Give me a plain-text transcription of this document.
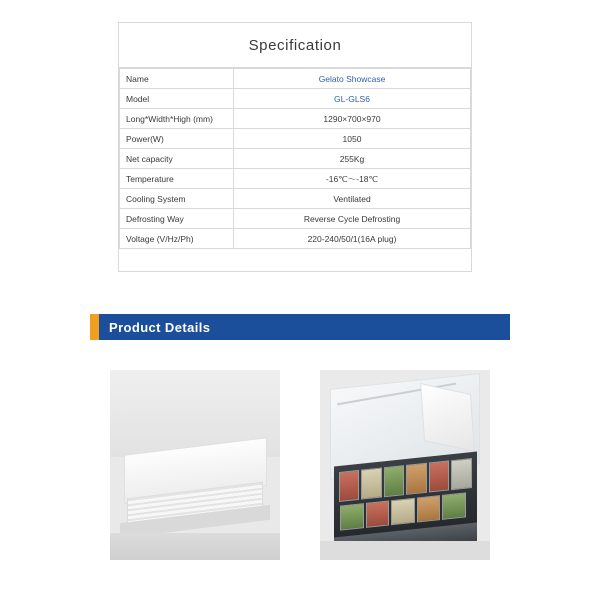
Specification
Name	Gelato Showcase
Model	GL-GLS6
Long*Width*High (mm)	1290×700×970
Power(W)	1050
Net capacity	255Kg
Temperature	-16℃～-18℃
Cooling System	Ventilated
Defrosting Way	Reverse Cycle Defrosting
Voltage (V/Hz/Ph)	220-240/50/1(16A plug)
Product Details
